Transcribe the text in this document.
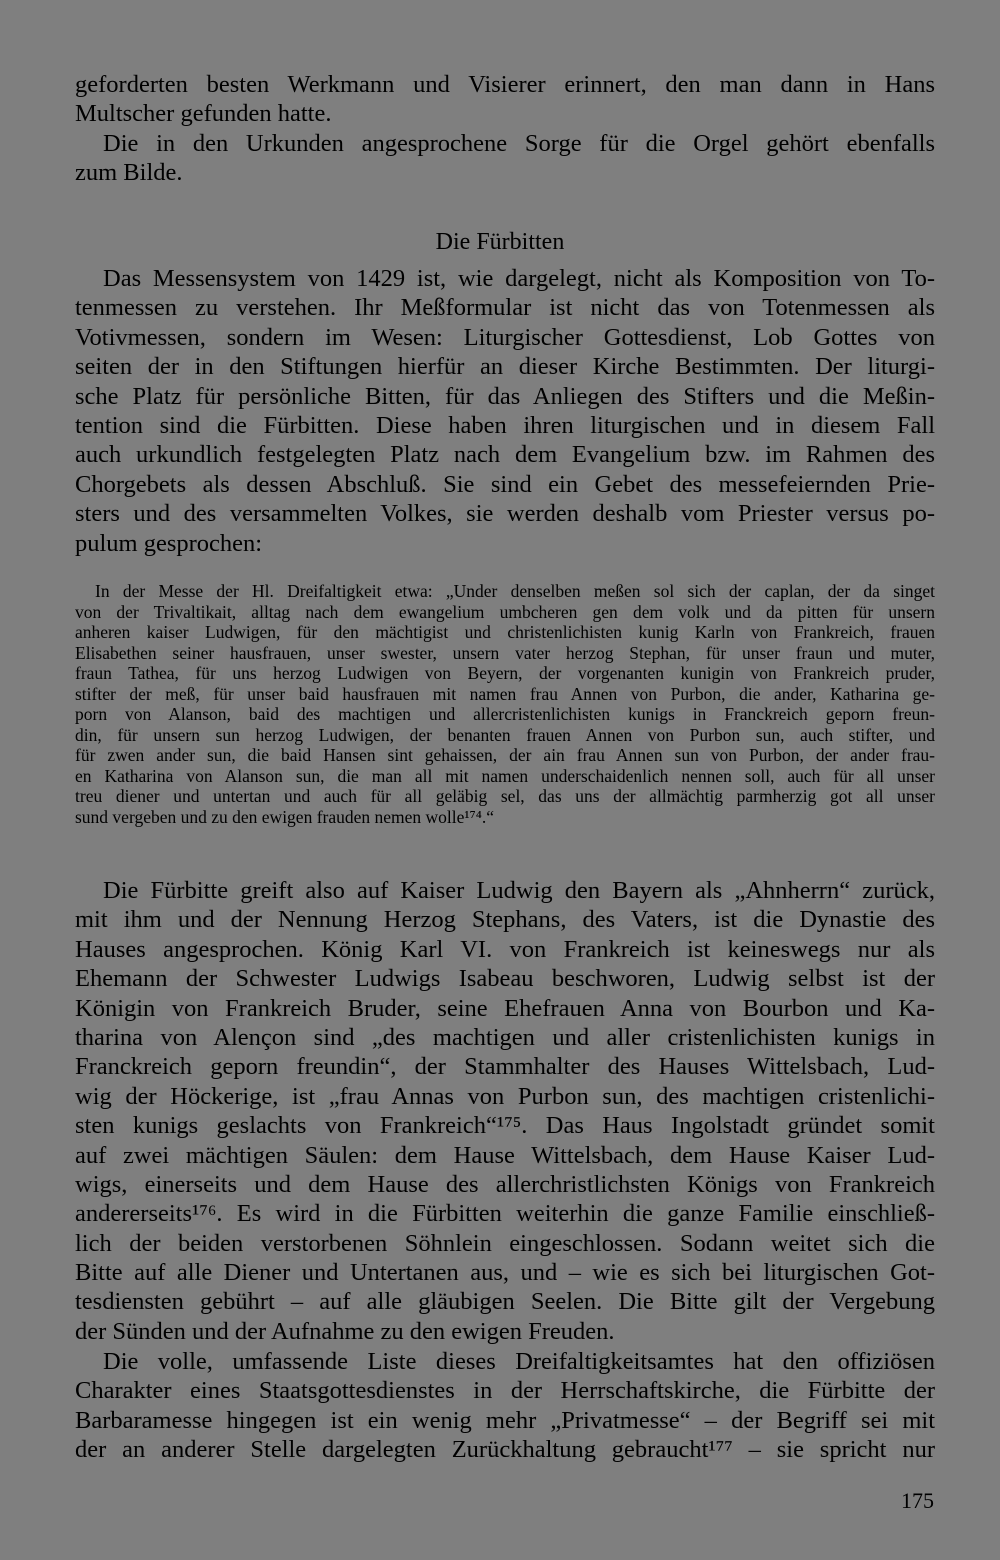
geforderten besten Werkmann und Visierer erinnert, den man dann in Hans
Multscher gefunden hatte.
Die in den Urkunden angesprochene Sorge für die Orgel gehört ebenfalls
zum Bilde.
Die Fürbitten
Das Messensystem von 1429 ist, wie dargelegt, nicht als Komposition von To-
tenmessen zu verstehen. Ihr Meßformular ist nicht das von Totenmessen als
Votivmessen, sondern im Wesen: Liturgischer Gottesdienst, Lob Gottes von
seiten der in den Stiftungen hierfür an dieser Kirche Bestimmten. Der liturgi-
sche Platz für persönliche Bitten, für das Anliegen des Stifters und die Meßin-
tention sind die Fürbitten. Diese haben ihren liturgischen und in diesem Fall
auch urkundlich festgelegten Platz nach dem Evangelium bzw. im Rahmen des
Chorgebets als dessen Abschluß. Sie sind ein Gebet des messefeiernden Prie-
sters und des versammelten Volkes, sie werden deshalb vom Priester versus po-
pulum gesprochen:
In der Messe der Hl. Dreifaltigkeit etwa: „Under denselben meßen sol sich der caplan, der da singet
von der Trivaltikait, alltag nach dem ewangelium umbcheren gen dem volk und da pitten für unsern
anheren kaiser Ludwigen, für den mächtigist und christenlichisten kunig Karln von Frankreich, frauen
Elisabethen seiner hausfrauen, unser swester, unsern vater herzog Stephan, für unser fraun und muter,
fraun Tathea, für uns herzog Ludwigen von Beyern, der vorgenanten kunigin von Frankreich pruder,
stifter der meß, für unser baid hausfrauen mit namen frau Annen von Purbon, die ander, Katharina ge-
porn von Alanson, baid des machtigen und allercristenlichisten kunigs in Franckreich geporn freun-
din, für unsern sun herzog Ludwigen, der benanten frauen Annen von Purbon sun, auch stifter, und
für zwen ander sun, die baid Hansen sint gehaissen, der ain frau Annen sun von Purbon, der ander frau-
en Katharina von Alanson sun, die man all mit namen underschaidenlich nennen soll, auch für all unser
treu diener und untertan und auch für all geläbig sel, das uns der allmächtig parmherzig got all unser
sund vergeben und zu den ewigen frauden nemen wolle¹⁷⁴.“
Die Fürbitte greift also auf Kaiser Ludwig den Bayern als „Ahnherrn“ zurück,
mit ihm und der Nennung Herzog Stephans, des Vaters, ist die Dynastie des
Hauses angesprochen. König Karl VI. von Frankreich ist keineswegs nur als
Ehemann der Schwester Ludwigs Isabeau beschworen, Ludwig selbst ist der
Königin von Frankreich Bruder, seine Ehefrauen Anna von Bourbon und Ka-
tharina von Alençon sind „des machtigen und aller cristenlichisten kunigs in
Franckreich geporn freundin“, der Stammhalter des Hauses Wittelsbach, Lud-
wig der Höckerige, ist „frau Annas von Purbon sun, des machtigen cristenlichi-
sten kunigs geslachts von Frankreich“¹⁷⁵. Das Haus Ingolstadt gründet somit
auf zwei mächtigen Säulen: dem Hause Wittelsbach, dem Hause Kaiser Lud-
wigs, einerseits und dem Hause des allerchristlichsten Königs von Frankreich
andererseits¹⁷⁶. Es wird in die Fürbitten weiterhin die ganze Familie einschließ-
lich der beiden verstorbenen Söhnlein eingeschlossen. Sodann weitet sich die
Bitte auf alle Diener und Untertanen aus, und – wie es sich bei liturgischen Got-
tesdiensten gebührt – auf alle gläubigen Seelen. Die Bitte gilt der Vergebung
der Sünden und der Aufnahme zu den ewigen Freuden.
Die volle, umfassende Liste dieses Dreifaltigkeitsamtes hat den offiziösen
Charakter eines Staatsgottesdienstes in der Herrschaftskirche, die Fürbitte der
Barbaramesse hingegen ist ein wenig mehr „Privatmesse“ – der Begriff sei mit
der an anderer Stelle dargelegten Zurückhaltung gebraucht¹⁷⁷ – sie spricht nur
175
